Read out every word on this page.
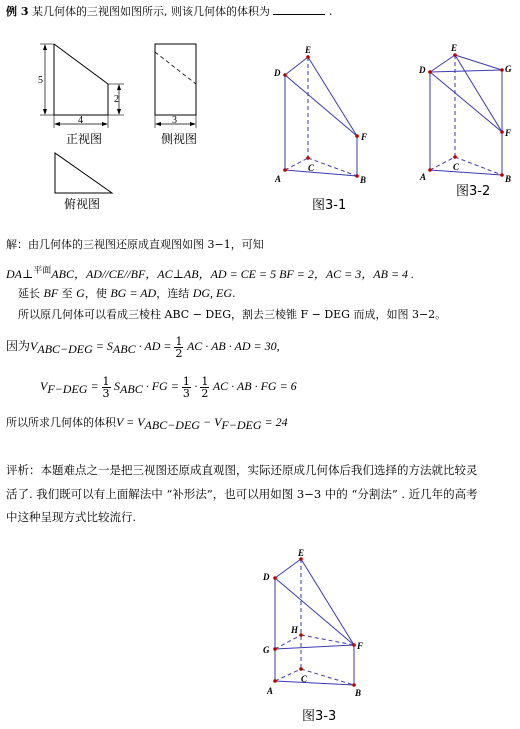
例 3 某几何体的三视图如图所示, 则该几何体的体积为	.
5
2
4	3
正视图	侧视图
俯视图
D
E
F
C
A	B
图3-1
D
E
G
F
C
A	B
图3-2
解：由几何体的三视图还原成直观图如图 3−1，可知
DA⊥$^{平面}$ABC，AD//CE//BF，AC⊥AB，AD = CE = 5 BF = 2，AC = 3，AB = 4 .
延长 BF 至 G，使 BG = AD，连结 DG, EG.
所以原几何体可以看成三棱柱 ABC − DEG，割去三棱锥 F − DEG 而成，如图 3−2。
因为$V_{ABC-DEG} = S_{ABC}$ · AD = $\frac{1}{2}$ AC · AB · AD = 30,
$V_{F-DEG} = \frac{1}{3} S_{ABC}$ · FG = $\frac{1}{3} \cdot \frac{1}{2}$ AC · AB · FG = 6
所以所求几何体的体积$V = V_{ABC-DEG} - V_{F-DEG} = 24$
评析：本题难点之一是把三视图还原成直观图，实际还原成几何体后我们选择的方法就比较灵
活了. 我们既可以有上面解法中 “补形法”，也可以用如图 3−3 中的 “分割法” . 近几年的高考
中这种呈现方式比较流行.
E
D
H
G	F
C
A	B
图3-3
